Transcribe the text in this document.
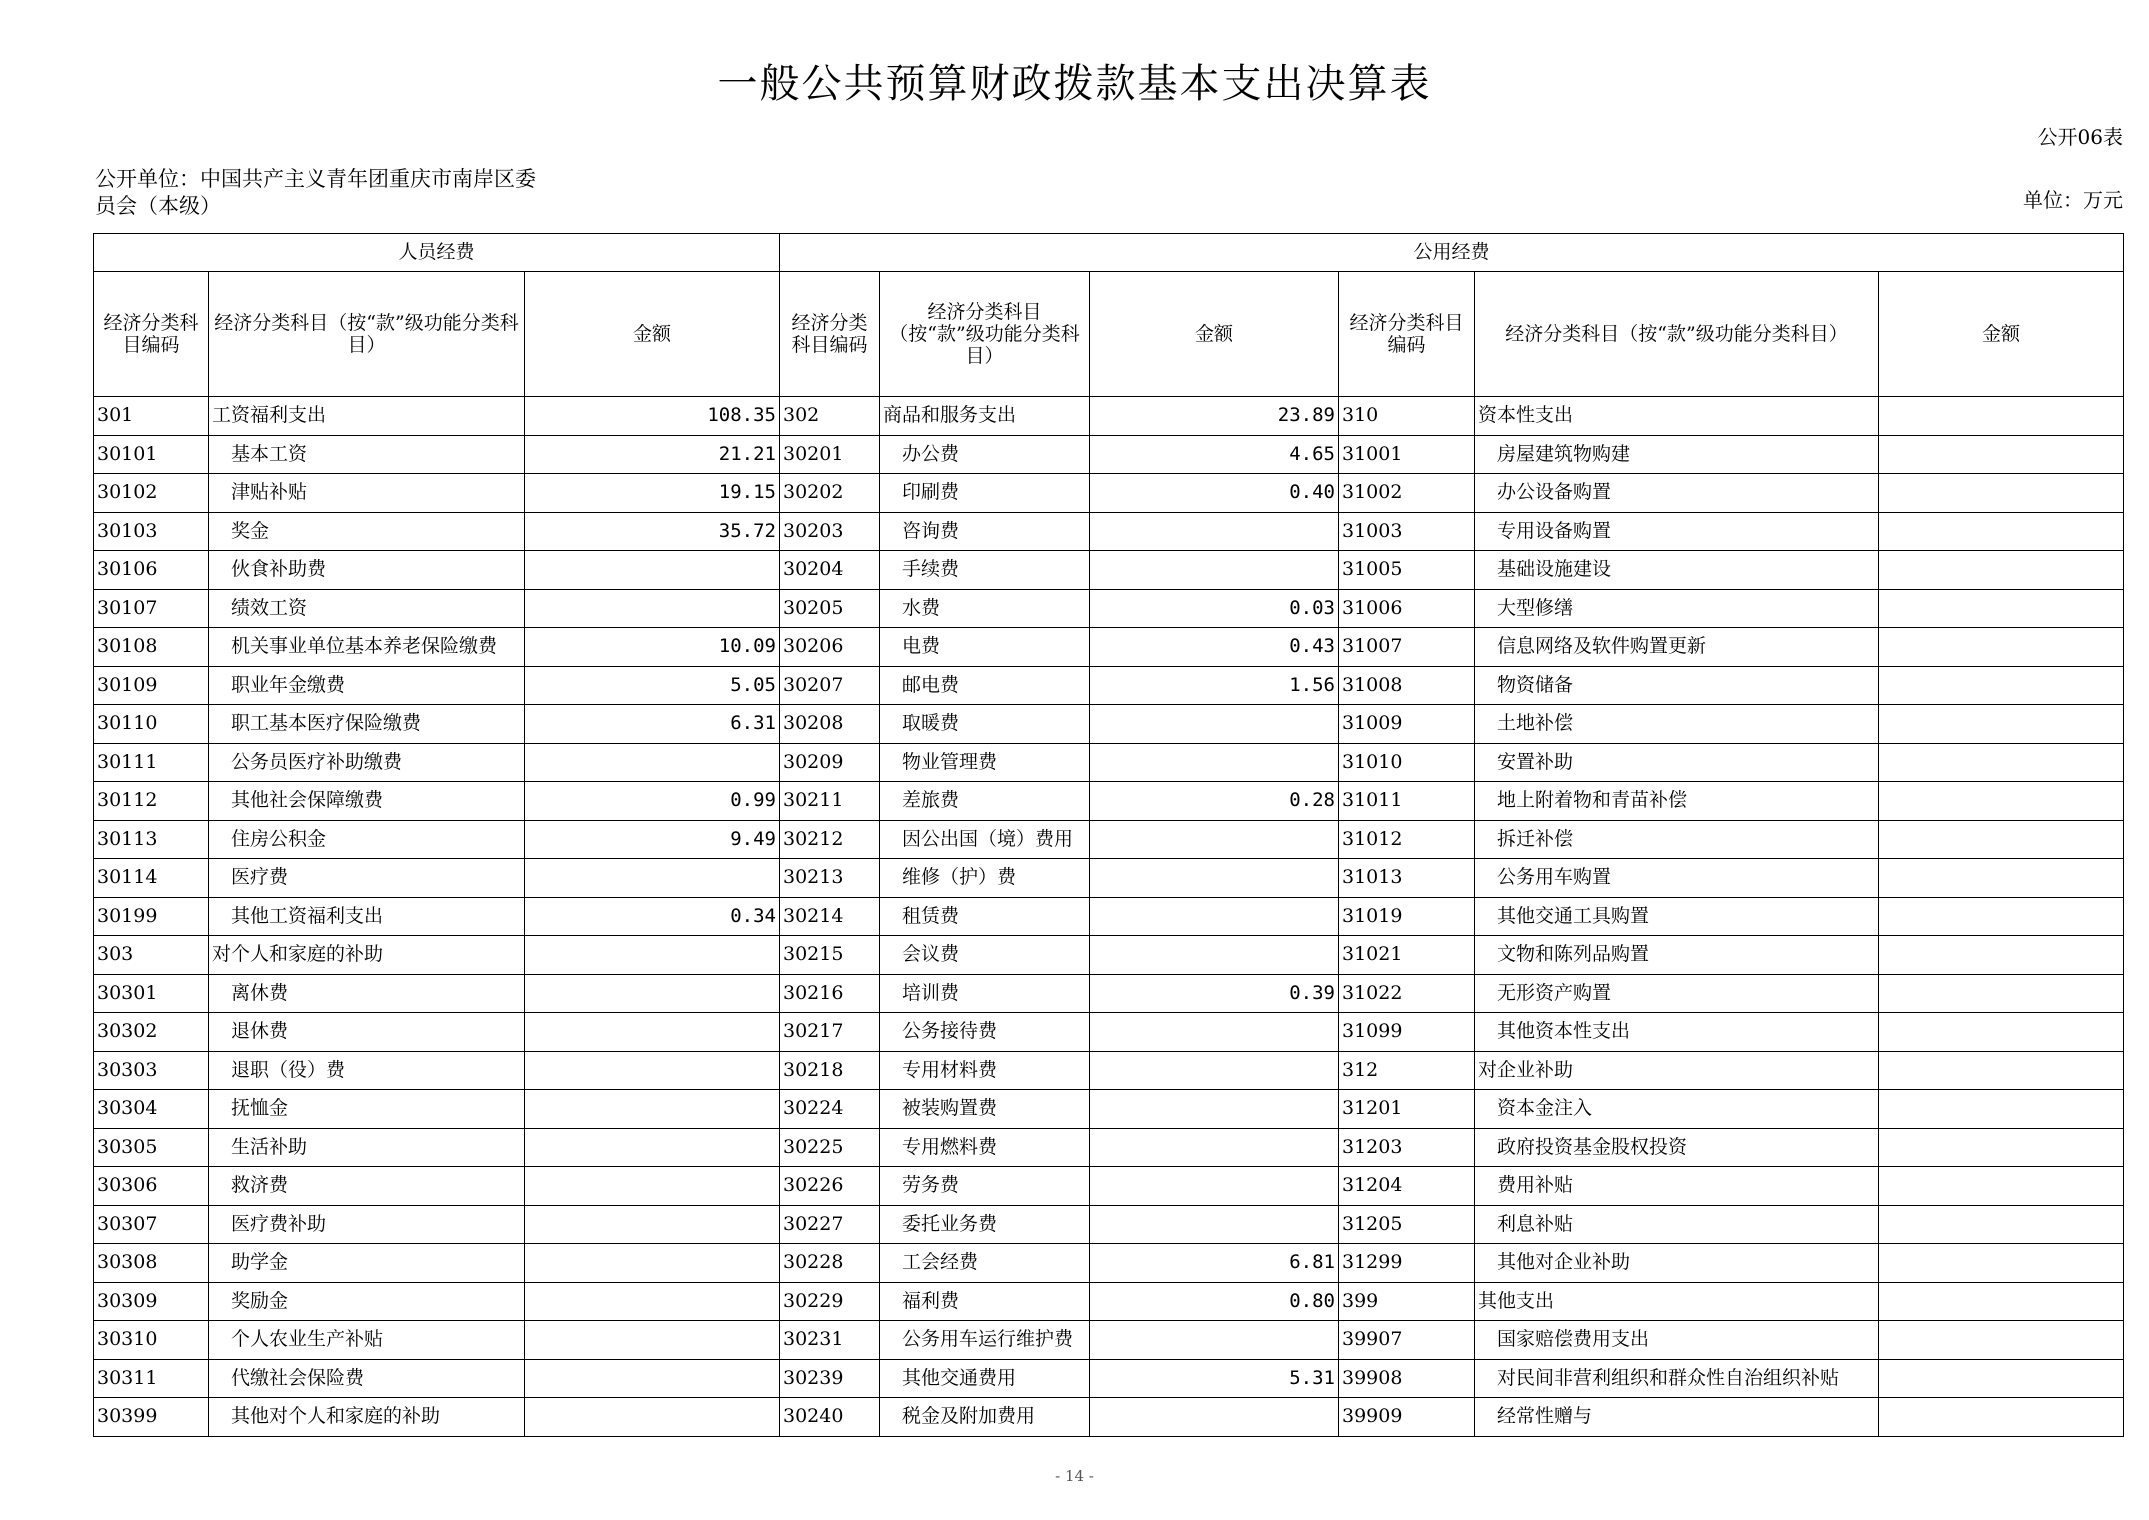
一般公共预算财政拨款基本支出决算表
公开06表
公开单位：中国共产主义青年团重庆市南岸区委员会（本级）	单位：万元
人员经费			公用经费					
经济分类科目编码	经济分类科目（按“款”级功能分类科目）	金额	经济分类科目编码	经济分类科目（按“款”级功能分类科目）	金额	经济分类科目编码	经济分类科目（按“款”级功能分类科目）	金额
301	工资福利支出	108.35	302	商品和服务支出	23.89	310	资本性支出	
30101	基本工资	21.21	30201	办公费	4.65	31001	房屋建筑物购建	
30102	津贴补贴	19.15	30202	印刷费	0.40	31002	办公设备购置	
30103	奖金	35.72	30203	咨询费		31003	专用设备购置	
30106	伙食补助费		30204	手续费		31005	基础设施建设	
30107	绩效工资		30205	水费	0.03	31006	大型修缮	
30108	机关事业单位基本养老保险缴费	10.09	30206	电费	0.43	31007	信息网络及软件购置更新	
30109	职业年金缴费	5.05	30207	邮电费	1.56	31008	物资储备	
30110	职工基本医疗保险缴费	6.31	30208	取暖费		31009	土地补偿	
30111	公务员医疗补助缴费		30209	物业管理费		31010	安置补助	
30112	其他社会保障缴费	0.99	30211	差旅费	0.28	31011	地上附着物和青苗补偿	
30113	住房公积金	9.49	30212	因公出国（境）费用		31012	拆迁补偿	
30114	医疗费		30213	维修（护）费		31013	公务用车购置	
30199	其他工资福利支出	0.34	30214	租赁费		31019	其他交通工具购置	
303	对个人和家庭的补助		30215	会议费		31021	文物和陈列品购置	
30301	离休费		30216	培训费	0.39	31022	无形资产购置	
30302	退休费		30217	公务接待费		31099	其他资本性支出	
30303	退职（役）费		30218	专用材料费		312	对企业补助	
30304	抚恤金		30224	被装购置费		31201	资本金注入	
30305	生活补助		30225	专用燃料费		31203	政府投资基金股权投资	
30306	救济费		30226	劳务费		31204	费用补贴	
30307	医疗费补助		30227	委托业务费		31205	利息补贴	
30308	助学金		30228	工会经费	6.81	31299	其他对企业补助	
30309	奖励金		30229	福利费	0.80	399	其他支出	
30310	个人农业生产补贴		30231	公务用车运行维护费		39907	国家赔偿费用支出	
30311	代缴社会保险费		30239	其他交通费用	5.31	39908	对民间非营利组织和群众性自治组织补贴	
30399	其他对个人和家庭的补助		30240	税金及附加费用		39909	经常性赠与	
- 14 -
